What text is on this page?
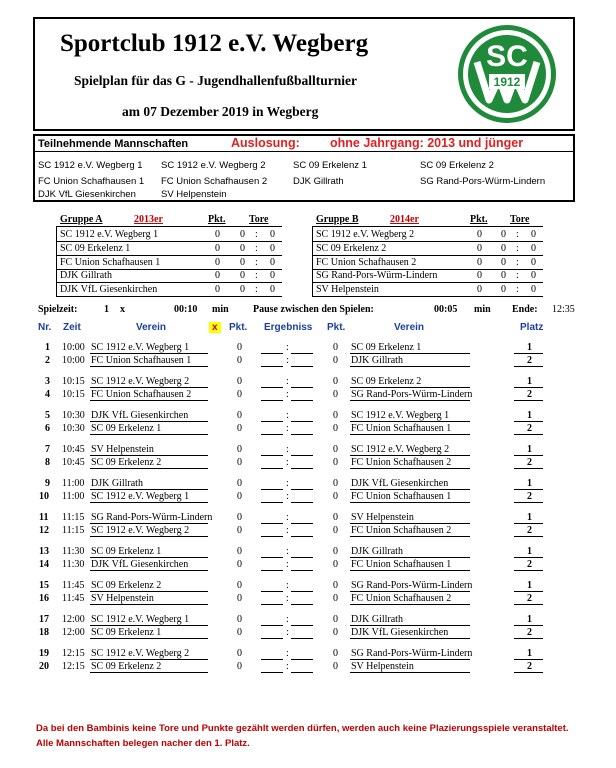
Sportclub 1912 e.V. Wegberg
Spielplan für das G - Jugendhallenfußballturnier
am 07 Dezember 2019 in Wegberg
SC
1912
Teilnehmende Mannschaften	Auslosung: ohne Jahrgang: 2013 und jünger
SC 1912 e.V. Wegberg 1 SC 1912 e.V. Wegberg 2	SC 09 Erkelenz 1	SC 09 Erkelenz 2
FC Union Schafhausen 1 FC Union Schafhausen 2	DJK Gillrath	SG Rand-Pors-Würm-Lindern
DJK VfL Giesenkirchen	SV Helpenstein
Gruppe A	2013er	Pkt. Tore
SC 1912 e.V. Wegberg 1	0 0 : 0
SC 09 Erkelenz 1	0 0 : 0
FC Union Schafhausen 1	0 0 : 0
DJK Gillrath	0 0 : 0
DJK VfL Giesenkirchen	0 0 : 0
Gruppe B	2014er	Pkt. Tore
SC 1912 e.V. Wegberg 2	0 0 : 0
SC 09 Erkelenz 2	0 0 : 0
FC Union Schafhausen 2	0 0 : 0
SG Rand-Pors-Würm-Lindern	0 0 : 0
SV Helpenstein	0 0 : 0
Spielzeit:	1 x	00:10 min Pause zwischen den Spielen:	00:05 min Ende: 12:35
Nr. Zeit	Verein	x	Pkt. Ergebniss Pkt.	Verein	Platz
1 10:00 SC 1912 e.V. Wegberg 1	0	:	0 SC 09 Erkelenz 1	1
2 10:00 FC Union Schafhausen 1	0	:	0 DJK Gillrath	2
3 10:15 SC 1912 e.V. Wegberg 2	0	:	0 SC 09 Erkelenz 2	1
4 10:15 FC Union Schafhausen 2	0	:	0 SG Rand-Pors-Würm-Lindern	2
5 10:30 DJK VfL Giesenkirchen	0	:	0 SC 1912 e.V. Wegberg 1	1
6 10:30 SC 09 Erkelenz 1	0	:	0 FC Union Schafhausen 1	2
7 10:45 SV Helpenstein	0	:	0 SC 1912 e.V. Wegberg 2	1
8 10:45 SC 09 Erkelenz 2	0	:	0 FC Union Schafhausen 2	2
9 11:00 DJK Gillrath	0	:	0 DJK VfL Giesenkirchen	1
10 11:00 SC 1912 e.V. Wegberg 1	0	:	0 FC Union Schafhausen 1	2
11 11:15 SG Rand-Pors-Würm-Lindern 0	:	0 SV Helpenstein	1
12 11:15 SC 1912 e.V. Wegberg 2	0	:	0 FC Union Schafhausen 2	2
13 11:30 SC 09 Erkelenz 1	0	:	0 DJK Gillrath	1
14 11:30 DJK VfL Giesenkirchen	0	:	0 FC Union Schafhausen 1	2
15 11:45 SC 09 Erkelenz 2	0	:	0 SG Rand-Pors-Würm-Lindern	1
16 11:45 SV Helpenstein	0	:	0 FC Union Schafhausen 2	2
17 12:00 SC 1912 e.V. Wegberg 1	0	:	0 DJK Gillrath	1
18 12:00 SC 09 Erkelenz 1	0	:	0 DJK VfL Giesenkirchen	2
19 12:15 SC 1912 e.V. Wegberg 2	0	:	0 SG Rand-Pors-Würm-Lindern	1
20 12:15 SC 09 Erkelenz 2	0	:	0 SV Helpenstein	2
Da bei den Bambinis keine Tore und Punkte gezählt werden dürfen, werden auch keine Plazierungsspiele veranstaltet.
Alle Mannschaften belegen nacher den 1. Platz.
